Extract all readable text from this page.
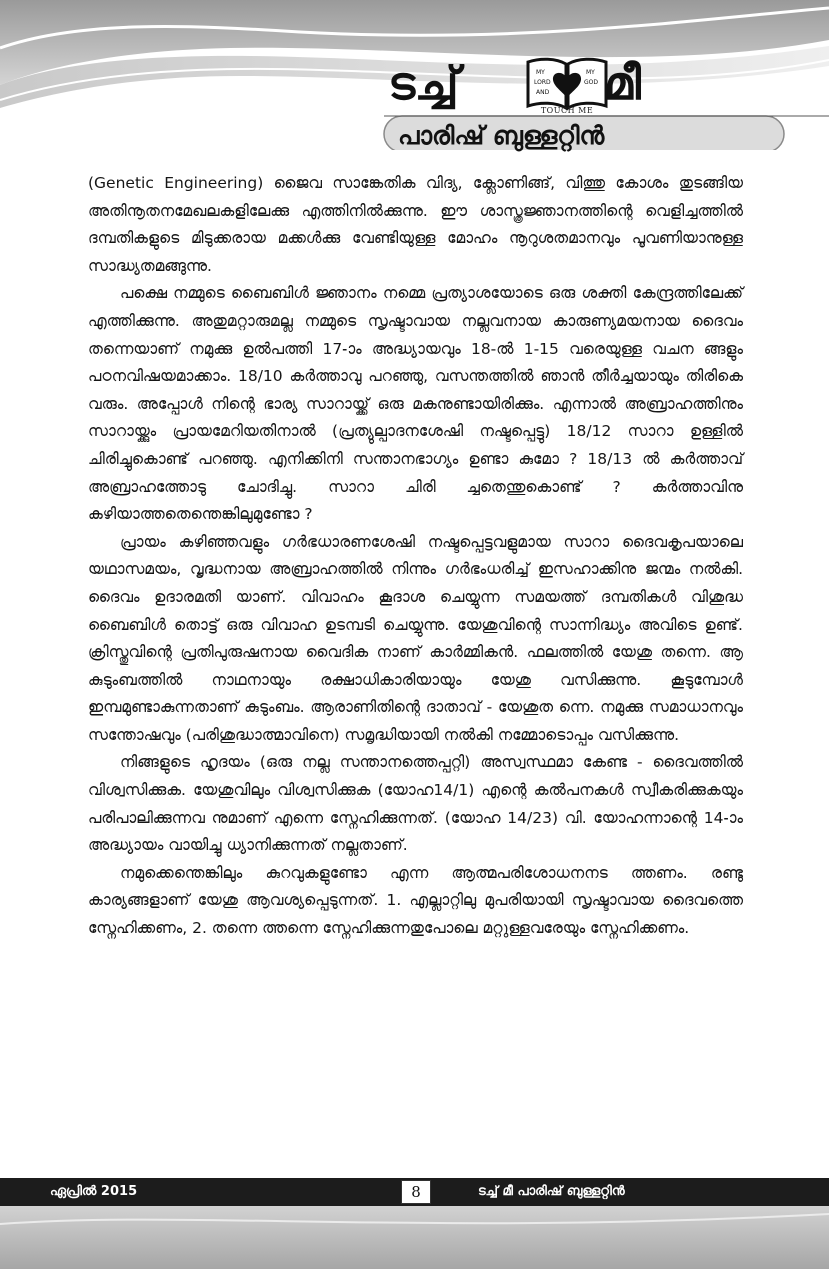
ടച്ച്	MY
LORD
AND
MY
GOD മീ
TOUCH ME
പാരിഷ് ബുള്ളറ്റിൻ

(Genetic Engineering) ജൈവ സാങ്കേതിക വിദ്യ, ക്ലോണിങ്ങ്, വിത്തു കോശം തുടങ്ങിയ അതിനൂതനമേഖലകളിലേക്കു എത്തിനിൽക്കുന്നു. ഈ ശാസ്ത്രജ്ഞാനത്തിന്റെ വെളിച്ചത്തിൽ ദമ്പതികളുടെ മിടുക്കരായ മക്കൾക്കു വേണ്ടിയുള്ള മോഹം നൂറുശതമാനവും പൂവണിയാനുള്ള സാദ്ധ്യതമങ്ങുന്നു.

പക്ഷെ നമ്മുടെ ബൈബിൾ ജ്ഞാനം നമ്മെ പ്രത്യാശയോടെ ഒരു ശക്തി കേന്ദ്രത്തിലേക്ക് എത്തിക്കുന്നു. അതുമറ്റാരുമല്ല നമ്മുടെ സൃഷ്ടാവായ നല്ലവനായ കാരുണ്യമയനായ ദൈവം തന്നെയാണ് നമുക്കു ഉൽപത്തി 17-ാം അദ്ധ്യായവും 18-ൽ 1-15 വരെയുള്ള വചന ങ്ങളും പഠനവിഷയമാക്കാം. 18/10 കർത്താവു പറഞ്ഞു, വസന്തത്തിൽ ഞാൻ തീർച്ചയായും തിരികെ വരും. അപ്പോൾ നിന്റെ ഭാര്യ സാറായ്ക്ക് ഒരു മകനുണ്ടായിരിക്കും. എന്നാൽ അബ്രാഹത്തിനും സാറായ്ക്കും പ്രായമേറിയതിനാൽ (പ്രത്യുല്പാദനശേഷി നഷ്ടപ്പെട്ടു) 18/12 സാറാ ഉള്ളിൽ ചിരിച്ചുകൊണ്ട് പറഞ്ഞു. എനിക്കിനി സന്താനഭാഗ്യം ഉണ്ടാ കുമോ ? 18/13 ൽ കർത്താവ് അബ്രാഹത്തോടു ചോദിച്ചു. സാറാ ചിരി ച്ചതെന്തുകൊണ്ട് ? കർത്താവിനു കഴിയാത്തതെന്തെങ്കിലുമുണ്ടോ ?

പ്രായം കഴിഞ്ഞവളും ഗർഭധാരണശേഷി നഷ്ടപ്പെട്ടവളുമായ സാറാ ദൈവകൃപയാലെ യഥാസമയം, വൃദ്ധനായ അബ്രാഹത്തിൽ നിന്നും ഗർഭംധരിച്ച് ഇസഹാക്കിനു ജന്മം നൽകി. ദൈവം ഉദാരമതി യാണ്. വിവാഹം കൂദാശ ചെയ്യുന്ന സമയത്ത് ദമ്പതികൾ വിശുദ്ധ ബൈബിൾ തൊട്ട് ഒരു വിവാഹ ഉടമ്പടി ചെയ്യുന്നു. യേശുവിന്റെ സാന്നിദ്ധ്യം അവിടെ ഉണ്ട്. ക്രിസ്തുവിന്റെ പ്രതിപുരുഷനായ വൈദിക നാണ് കാർമ്മികൻ. ഫലത്തിൽ യേശു തന്നെ. ആ കുടുംബത്തിൽ നാഥനായും രക്ഷാധികാരിയായും യേശു വസിക്കുന്നു. കൂടുമ്പോൾ ഇമ്പമുണ്ടാകുന്നതാണ് കുടുംബം. ആരാണിതിന്റെ ദാതാവ് - യേശുത ന്നെ. നമുക്കു സമാധാനവും സന്തോഷവും (പരിശുദ്ധാത്മാവിനെ) സമൃദ്ധിയായി നൽകി നമ്മോടൊപ്പം വസിക്കുന്നു.

നിങ്ങളുടെ ഹൃദയം (ഒരു നല്ല സന്താനത്തെപ്പറ്റി) അസ്വസ്ഥമാ കേണ്ട - ദൈവത്തിൽ വിശ്വസിക്കുക. യേശുവിലും വിശ്വസിക്കുക (യോഹ14/1) എന്റെ കൽപനകൾ സ്വീകരിക്കുകയും പരിപാലിക്കുന്നവ നുമാണ് എന്നെ സ്നേഹിക്കുന്നത്. (യോഹ 14/23) വി. യോഹന്നാന്റെ 14-ാം അദ്ധ്യായം വായിച്ചു ധ്യാനിക്കുന്നത് നല്ലതാണ്.

നമുക്കെന്തെങ്കിലും കുറവുകളുണ്ടോ എന്ന ആത്മപരിശോധനനട ത്തണം. രണ്ടു കാര്യങ്ങളാണ് യേശു ആവശ്യപ്പെടുന്നത്. 1. എല്ലാറ്റിലു മുപരിയായി സൃഷ്ടാവായ ദൈവത്തെ സ്നേഹിക്കണം, 2. തന്നെ ത്തന്നെ സ്നേഹിക്കുന്നതുപോലെ മറ്റുള്ളവരേയും സ്നേഹിക്കണം.

ഏപ്രിൽ 2015	8	ടച്ച് മീ പാരിഷ് ബുള്ളറ്റിൻ
